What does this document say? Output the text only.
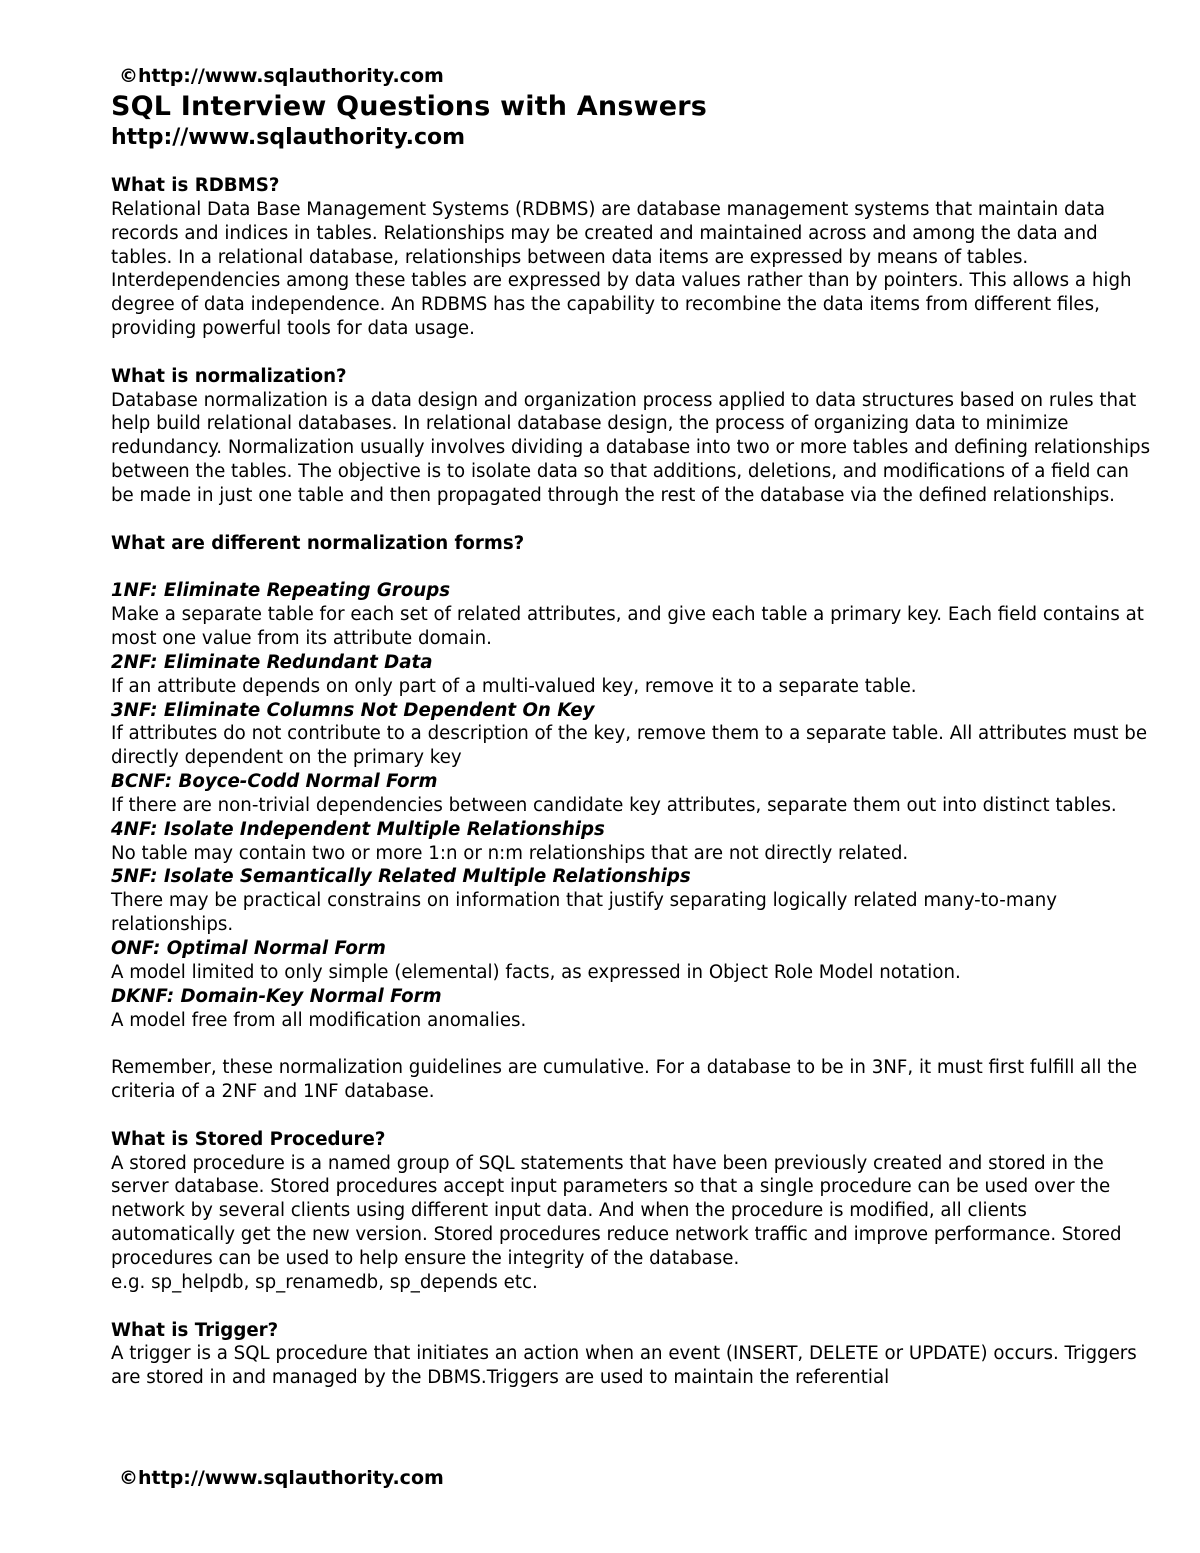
©http://www.sqlauthority.com
SQL Interview Questions with Answers
http://www.sqlauthority.com

What is RDBMS?

Relational Data Base Management Systems (RDBMS) are database management systems that maintain data records and indices in tables. Relationships may be created and maintained across and among the data and tables. In a relational database, relationships between data items are expressed by means of tables. Interdependencies among these tables are expressed by data values rather than by pointers. This allows a high degree of data independence. An RDBMS has the capability to recombine the data items from different files, providing powerful tools for data usage.

What is normalization?

Database normalization is a data design and organization process applied to data structures based on rules that help build relational databases. In relational database design, the process of organizing data to minimize redundancy. Normalization usually involves dividing a database into two or more tables and defining relationships between the tables. The objective is to isolate data so that additions, deletions, and modifications of a field can be made in just one table and then propagated through the rest of the database via the defined relationships.

What are different normalization forms?

1NF: Eliminate Repeating Groups

Make a separate table for each set of related attributes, and give each table a primary key. Each field contains at most one value from its attribute domain.

2NF: Eliminate Redundant Data

If an attribute depends on only part of a multi-valued key, remove it to a separate table.

3NF: Eliminate Columns Not Dependent On Key

If attributes do not contribute to a description of the key, remove them to a separate table. All attributes must be directly dependent on the primary key

BCNF: Boyce-Codd Normal Form

If there are non-trivial dependencies between candidate key attributes, separate them out into distinct tables.

4NF: Isolate Independent Multiple Relationships

No table may contain two or more 1:n or n:m relationships that are not directly related.

5NF: Isolate Semantically Related Multiple Relationships

There may be practical constrains on information that justify separating logically related many-to-many relationships.

ONF: Optimal Normal Form

A model limited to only simple (elemental) facts, as expressed in Object Role Model notation.

DKNF: Domain-Key Normal Form

A model free from all modification anomalies.

Remember, these normalization guidelines are cumulative. For a database to be in 3NF, it must first fulfill all the criteria of a 2NF and 1NF database.

What is Stored Procedure?

A stored procedure is a named group of SQL statements that have been previously created and stored in the server database. Stored procedures accept input parameters so that a single procedure can be used over the network by several clients using different input data. And when the procedure is modified, all clients automatically get the new version. Stored procedures reduce network traffic and improve performance. Stored procedures can be used to help ensure the integrity of the database.

e.g. sp_helpdb, sp_renamedb, sp_depends etc.

What is Trigger?

A trigger is a SQL procedure that initiates an action when an event (INSERT, DELETE or UPDATE) occurs. Triggers are stored in and managed by the DBMS.Triggers are used to maintain the referential

©http://www.sqlauthority.com
